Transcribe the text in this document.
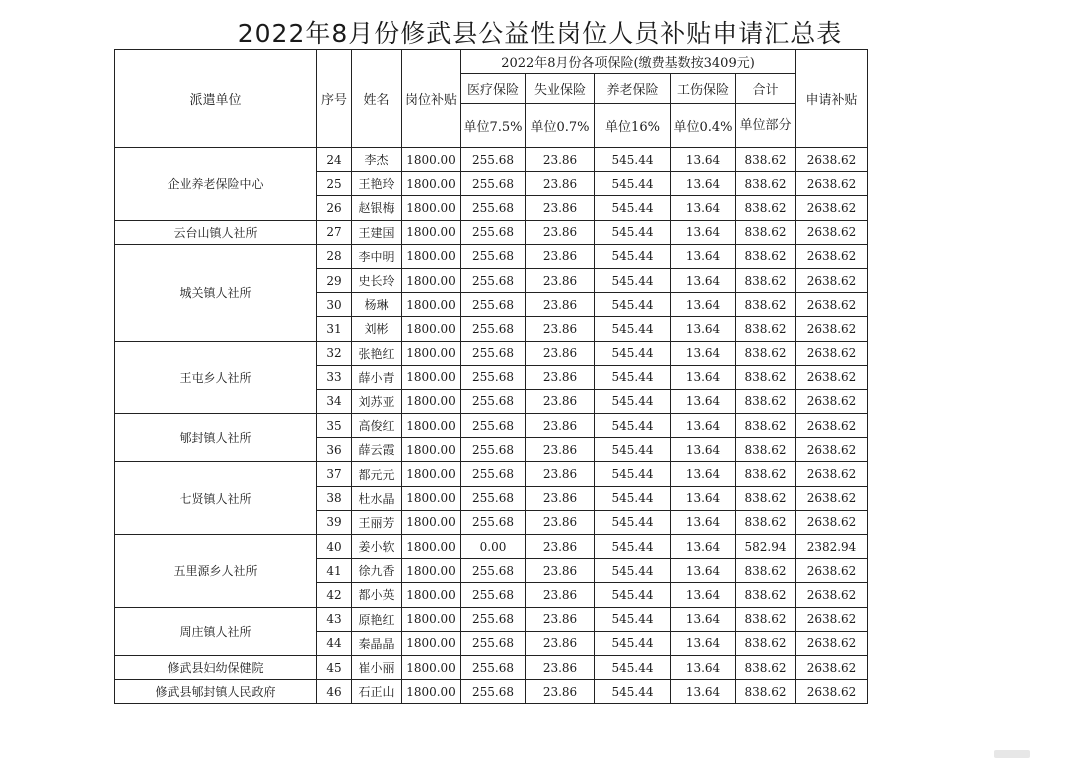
2022年8月份修武县公益性岗位人员补贴申请汇总表
派遣单位	序号	姓名	岗位补贴	2022年8月份各项保险(缴费基数按3409元)					申请补贴
				医疗保险	失业保险	养老保险	工伤保险	合计	
				单位7.5%	单位0.7%	单位16%	单位0.4%	单位部分	
企业养老保险中心	24	李杰	1800.00	255.68	23.86	545.44	13.64	838.62	2638.62
	25	王艳玲	1800.00	255.68	23.86	545.44	13.64	838.62	2638.62
	26	赵银梅	1800.00	255.68	23.86	545.44	13.64	838.62	2638.62
云台山镇人社所	27	王建国	1800.00	255.68	23.86	545.44	13.64	838.62	2638.62
城关镇人社所	28	李中明	1800.00	255.68	23.86	545.44	13.64	838.62	2638.62
	29	史长玲	1800.00	255.68	23.86	545.44	13.64	838.62	2638.62
	30	杨琳	1800.00	255.68	23.86	545.44	13.64	838.62	2638.62
	31	刘彬	1800.00	255.68	23.86	545.44	13.64	838.62	2638.62
王屯乡人社所	32	张艳红	1800.00	255.68	23.86	545.44	13.64	838.62	2638.62
	33	薛小青	1800.00	255.68	23.86	545.44	13.64	838.62	2638.62
	34	刘苏亚	1800.00	255.68	23.86	545.44	13.64	838.62	2638.62
郇封镇人社所	35	高俊红	1800.00	255.68	23.86	545.44	13.64	838.62	2638.62
	36	薛云霞	1800.00	255.68	23.86	545.44	13.64	838.62	2638.62
七贤镇人社所	37	都元元	1800.00	255.68	23.86	545.44	13.64	838.62	2638.62
	38	杜水晶	1800.00	255.68	23.86	545.44	13.64	838.62	2638.62
	39	王丽芳	1800.00	255.68	23.86	545.44	13.64	838.62	2638.62
五里源乡人社所	40	姜小软	1800.00	0.00	23.86	545.44	13.64	582.94	2382.94
	41	徐九香	1800.00	255.68	23.86	545.44	13.64	838.62	2638.62
	42	都小英	1800.00	255.68	23.86	545.44	13.64	838.62	2638.62
周庄镇人社所	43	原艳红	1800.00	255.68	23.86	545.44	13.64	838.62	2638.62
	44	秦晶晶	1800.00	255.68	23.86	545.44	13.64	838.62	2638.62
修武县妇幼保健院	45	崔小丽	1800.00	255.68	23.86	545.44	13.64	838.62	2638.62
修武县郇封镇人民政府	46	石正山	1800.00	255.68	23.86	545.44	13.64	838.62	2638.62
